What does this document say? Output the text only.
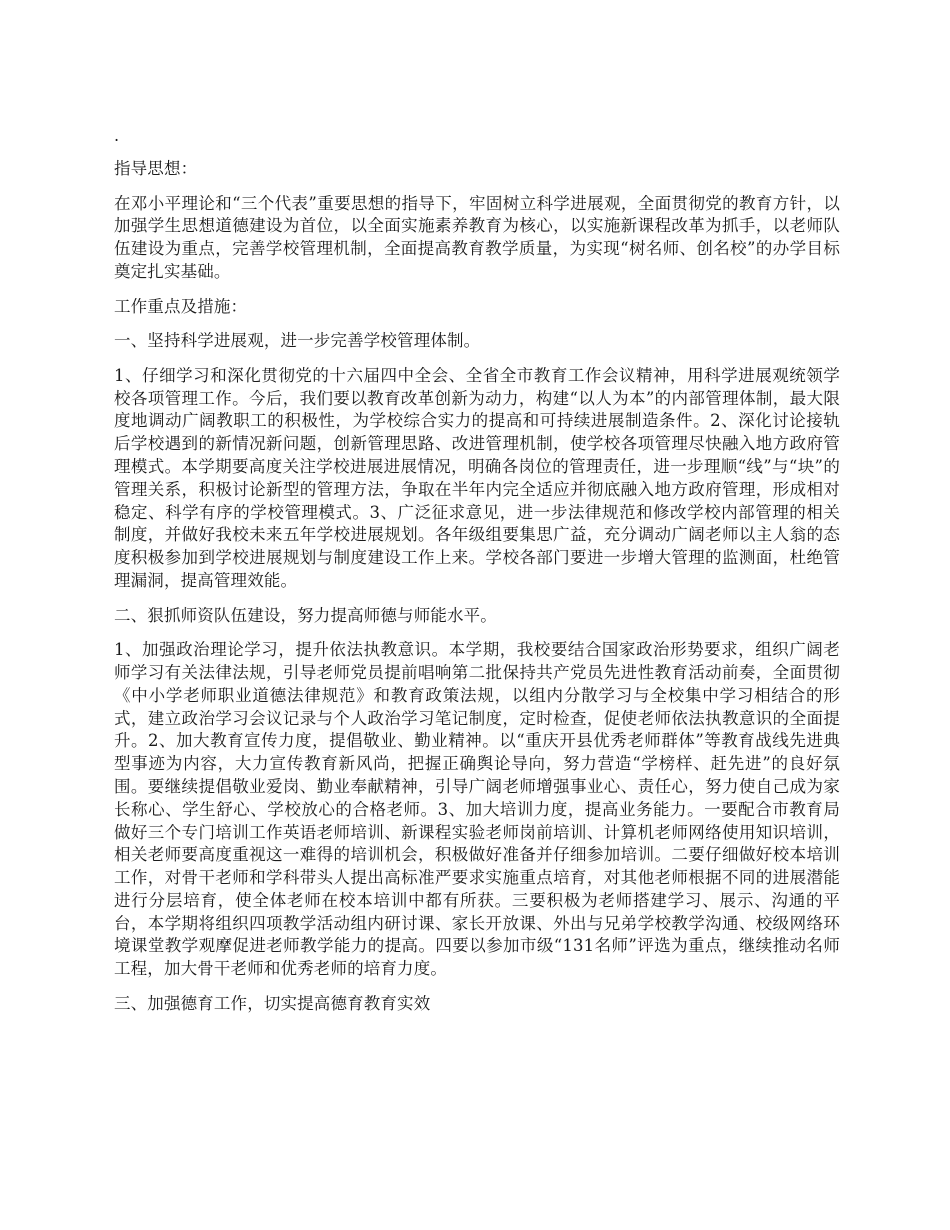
.

指导思想：

在邓小平理论和“三个代表”重要思想的指导下，牢固树立科学进展观，全面贯彻党的教育方针，以加强学生思想道德建设为首位，以全面实施素养教育为核心，以实施新课程改革为抓手，以老师队伍建设为重点，完善学校管理机制，全面提高教育教学质量，为实现“树名师、创名校”的办学目标奠定扎实基础。

工作重点及措施：

一、坚持科学进展观，进一步完善学校管理体制。

1、仔细学习和深化贯彻党的十六届四中全会、全省全市教育工作会议精神，用科学进展观统领学校各项管理工作。今后，我们要以教育改革创新为动力，构建“以人为本”的内部管理体制，最大限度地调动广阔教职工的积极性，为学校综合实力的提高和可持续进展制造条件。2、深化讨论接轨后学校遇到的新情况新问题，创新管理思路、改进管理机制，使学校各项管理尽快融入地方政府管理模式。本学期要高度关注学校进展进展情况，明确各岗位的管理责任，进一步理顺“线”与“块”的管理关系，积极讨论新型的管理方法，争取在半年内完全适应并彻底融入地方政府管理，形成相对稳定、科学有序的学校管理模式。3、广泛征求意见，进一步法律规范和修改学校内部管理的相关制度，并做好我校未来五年学校进展规划。各年级组要集思广益，充分调动广阔老师以主人翁的态度积极参加到学校进展规划与制度建设工作上来。学校各部门要进一步增大管理的监测面，杜绝管理漏洞，提高管理效能。

二、狠抓师资队伍建设，努力提高师德与师能水平。

1、加强政治理论学习，提升依法执教意识。本学期，我校要结合国家政治形势要求，组织广阔老师学习有关法律法规，引导老师党员提前唱响第二批保持共产党员先进性教育活动前奏，全面贯彻《中小学老师职业道德法律规范》和教育政策法规，以组内分散学习与全校集中学习相结合的形式，建立政治学习会议记录与个人政治学习笔记制度，定时检查，促使老师依法执教意识的全面提升。2、加大教育宣传力度，提倡敬业、勤业精神。以“重庆开县优秀老师群体”等教育战线先进典型事迹为内容，大力宣传教育新风尚，把握正确舆论导向，努力营造“学榜样、赶先进”的良好氛围。要继续提倡敬业爱岗、勤业奉献精神，引导广阔老师增强事业心、责任心，努力使自己成为家长称心、学生舒心、学校放心的合格老师。3、加大培训力度，提高业务能力。一要配合市教育局做好三个专门培训工作英语老师培训、新课程实验老师岗前培训、计算机老师网络使用知识培训，相关老师要高度重视这一难得的培训机会，积极做好准备并仔细参加培训。二要仔细做好校本培训工作，对骨干老师和学科带头人提出高标准严要求实施重点培育，对其他老师根据不同的进展潜能进行分层培育，使全体老师在校本培训中都有所获。三要积极为老师搭建学习、展示、沟通的平台，本学期将组织四项教学活动组内研讨课、家长开放课、外出与兄弟学校教学沟通、校级网络环境课堂教学观摩促进老师教学能力的提高。四要以参加市级“131名师”评选为重点，继续推动名师工程，加大骨干老师和优秀老师的培育力度。

三、加强德育工作，切实提高德育教育实效
